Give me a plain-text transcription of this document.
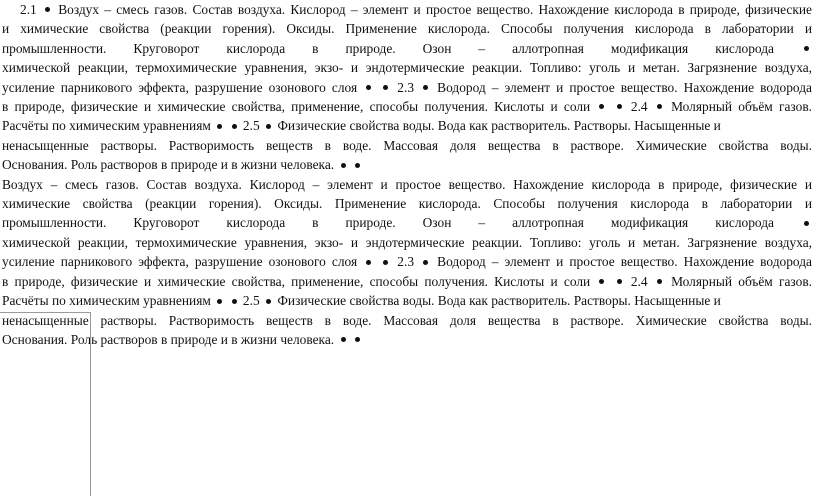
2.1  Воздух – смесь газов. Состав воздуха. Кислород – элемент и простое вещество. Нахождение кислорода в природе, физические
и химические свойства (реакции горения). Оксиды. Применение кислорода. Способы получения кислорода в лаборатории и
промышленности. Круговорот кислорода в природе. Озон – аллотропная модификация кислорода
химической реакции, термохимические уравнения, экзо- и эндотермические реакции. Топливо: уголь и метан. Загрязнение воздуха,
усиление парникового эффекта, разрушение озонового слоя   2.3  Водород – элемент и простое вещество. Нахождение водорода
в природе, физические и химические свойства, применение, способы получения. Кислоты и соли   2.4  Молярный объём газов.
Расчёты по химическим уравнениям   2.5  Физические свойства воды. Вода как растворитель. Растворы. Насыщенные и
ненасыщенные растворы. Растворимость веществ в воде. Массовая доля вещества в растворе. Химические свойства воды.
Основания. Роль растворов в природе и в жизни человека.
Воздух – смесь газов. Состав воздуха. Кислород – элемент и простое вещество. Нахождение кислорода в природе, физические и
химические свойства (реакции горения). Оксиды. Применение кислорода. Способы получения кислорода в лаборатории и
промышленности. Круговорот кислорода в природе. Озон – аллотропная модификация кислорода
химической реакции, термохимические уравнения, экзо- и эндотермические реакции. Топливо: уголь и метан. Загрязнение воздуха,
усиление парникового эффекта, разрушение озонового слоя   2.3  Водород – элемент и простое вещество. Нахождение водорода
в природе, физические и химические свойства, применение, способы получения. Кислоты и соли   2.4  Молярный объём газов.
Расчёты по химическим уравнениям   2.5  Физические свойства воды. Вода как растворитель. Растворы. Насыщенные и
ненасыщенные растворы. Растворимость веществ в воде. Массовая доля вещества в растворе. Химические свойства воды.
Основания. Роль растворов в природе и в жизни человека.
